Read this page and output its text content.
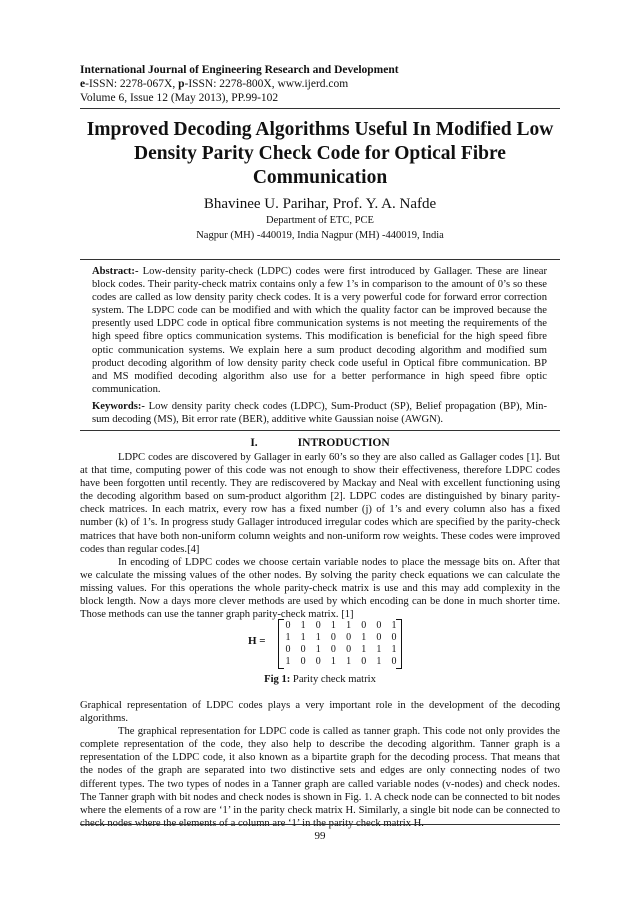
International Journal of Engineering Research and Development
e-ISSN: 2278-067X, p-ISSN: 2278-800X, www.ijerd.com
Volume 6, Issue 12 (May 2013), PP.99-102
Improved Decoding Algorithms Useful In Modified Low
Density Parity Check Code for Optical Fibre
Communication
Bhavinee U. Parihar, Prof. Y. A. Nafde
Department of ETC, PCE
Nagpur (MH) -440019, India Nagpur (MH) -440019, India
Abstract:- Low-density parity-check (LDPC) codes were first introduced by Gallager. These are linear block codes. Their parity-check matrix contains only a few 1’s in comparison to the amount of 0’s so these codes are called as low density parity check codes. It is a very powerful code for forward error correction system. The LDPC code can be modified and with which the quality factor can be improved because the presently used LDPC code in optical fibre communication systems is not meeting the requirements of the high speed fibre optics communication systems. This modification is beneficial for the high speed fibre optic communication systems. We explain here a sum product decoding algorithm and modified sum product decoding algorithm of low density parity check code useful in Optical fibre communication. BP and MS modified decoding algorithm also use for a better performance in high speed fibre optic communication.
Keywords:- Low density parity check codes (LDPC), Sum-Product (SP), Belief propagation (BP), Min-sum decoding (MS), Bit error rate (BER), additive white Gaussian noise (AWGN).
I.	INTRODUCTION

LDPC codes are discovered by Gallager in early 60’s so they are also called as Gallager codes [1]. But at that time, computing power of this code was not enough to show their effectiveness, therefore LDPC codes have been forgotten until recently. They are rediscovered by Mackay and Neal with excellent functioning using the decoding algorithm based on sum-product algorithm [2]. LDPC codes are distinguished by binary parity-check matrices. In each matrix, every row has a fixed number (j) of 1’s and every column also has a fixed number (k) of 1’s. In progress study Gallager introduced irregular codes which are specified by the parity-check matrices that have both non-uniform column weights and non-uniform row weights. These codes were improved codes than regular codes.[4]

In encoding of LDPC codes we choose certain variable nodes to place the message bits on. After that we calculate the missing values of the other nodes. By solving the parity check equations we can calculate the missing values. For this operations the whole parity-check matrix is use and this may add complexity in the block length. Now a days more clever methods are used by which encoding can be done in much shorter time. Those methods can use the tanner graph parity-check matrix. [1]

H =
0	1	0	1	1	0	0	1
1	1	1	0	0	1	0	0
0	0	1	0	0	1	1	1
1	0	0	1	1	0	1	0
Fig 1: Parity check matrix

Graphical representation of LDPC codes plays a very important role in the development of the decoding algorithms.

The graphical representation for LDPC code is called as tanner graph. This code not only provides the complete representation of the code, they also help to describe the decoding algorithm. Tanner graph is a representation of the LDPC code, it also known as a bipartite graph for the decoding process. That means that the nodes of the graph are separated into two distinctive sets and edges are only connecting nodes of two different types. The two types of nodes in a Tanner graph are called variable nodes (v-nodes) and check nodes. The Tanner graph with bit nodes and check nodes is shown in Fig. 1. A check node can be connected to bit nodes where the elements of a row are ‘1’ in the parity check matrix H. Similarly, a single bit node can be connected to check nodes where the elements of a column are ‘1’ in the parity check matrix H.

99
